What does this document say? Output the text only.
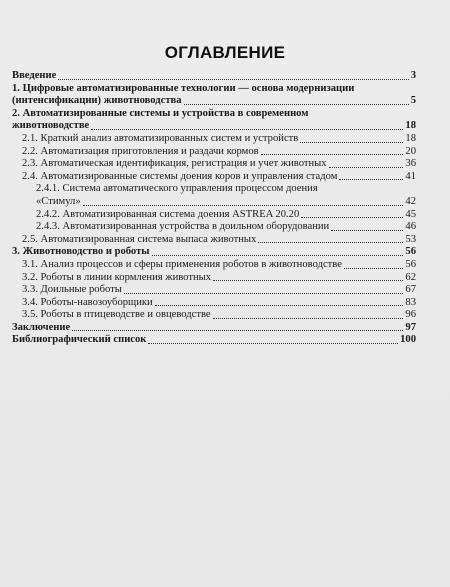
ОГЛАВЛЕНИЕ
Введение	3
1. Цифровые автоматизированные технологии — основа модернизации
(интенсификации) животноводства	5
2. Автоматизированные системы и устройства в современном
животноводстве	18
2.1. Краткий анализ автоматизированных систем и устройств	18
2.2. Автоматизация приготовления и раздачи кормов	20
2.3. Автоматическая идентификация, регистрация и учет животных	36
2.4. Автоматизированные системы доения коров и управления стадом	41
2.4.1. Система автоматического управления процессом доения
«Стимул»	42
2.4.2. Автоматизированная система доения ASTREA 20.20	45
2.4.3. Автоматизированная устройства в доильном оборудовании	46
2.5. Автоматизированная система выпаса животных	53
3. Животноводство и роботы	56
3.1. Анализ процессов и сферы применения роботов в животноводстве	56
3.2. Роботы в линии кормления животных	62
3.3. Доильные роботы	67
3.4. Роботы-навозоуборщики	83
3.5. Роботы в птицеводстве и овцеводстве	96
Заключение	97
Библиографический список	100
